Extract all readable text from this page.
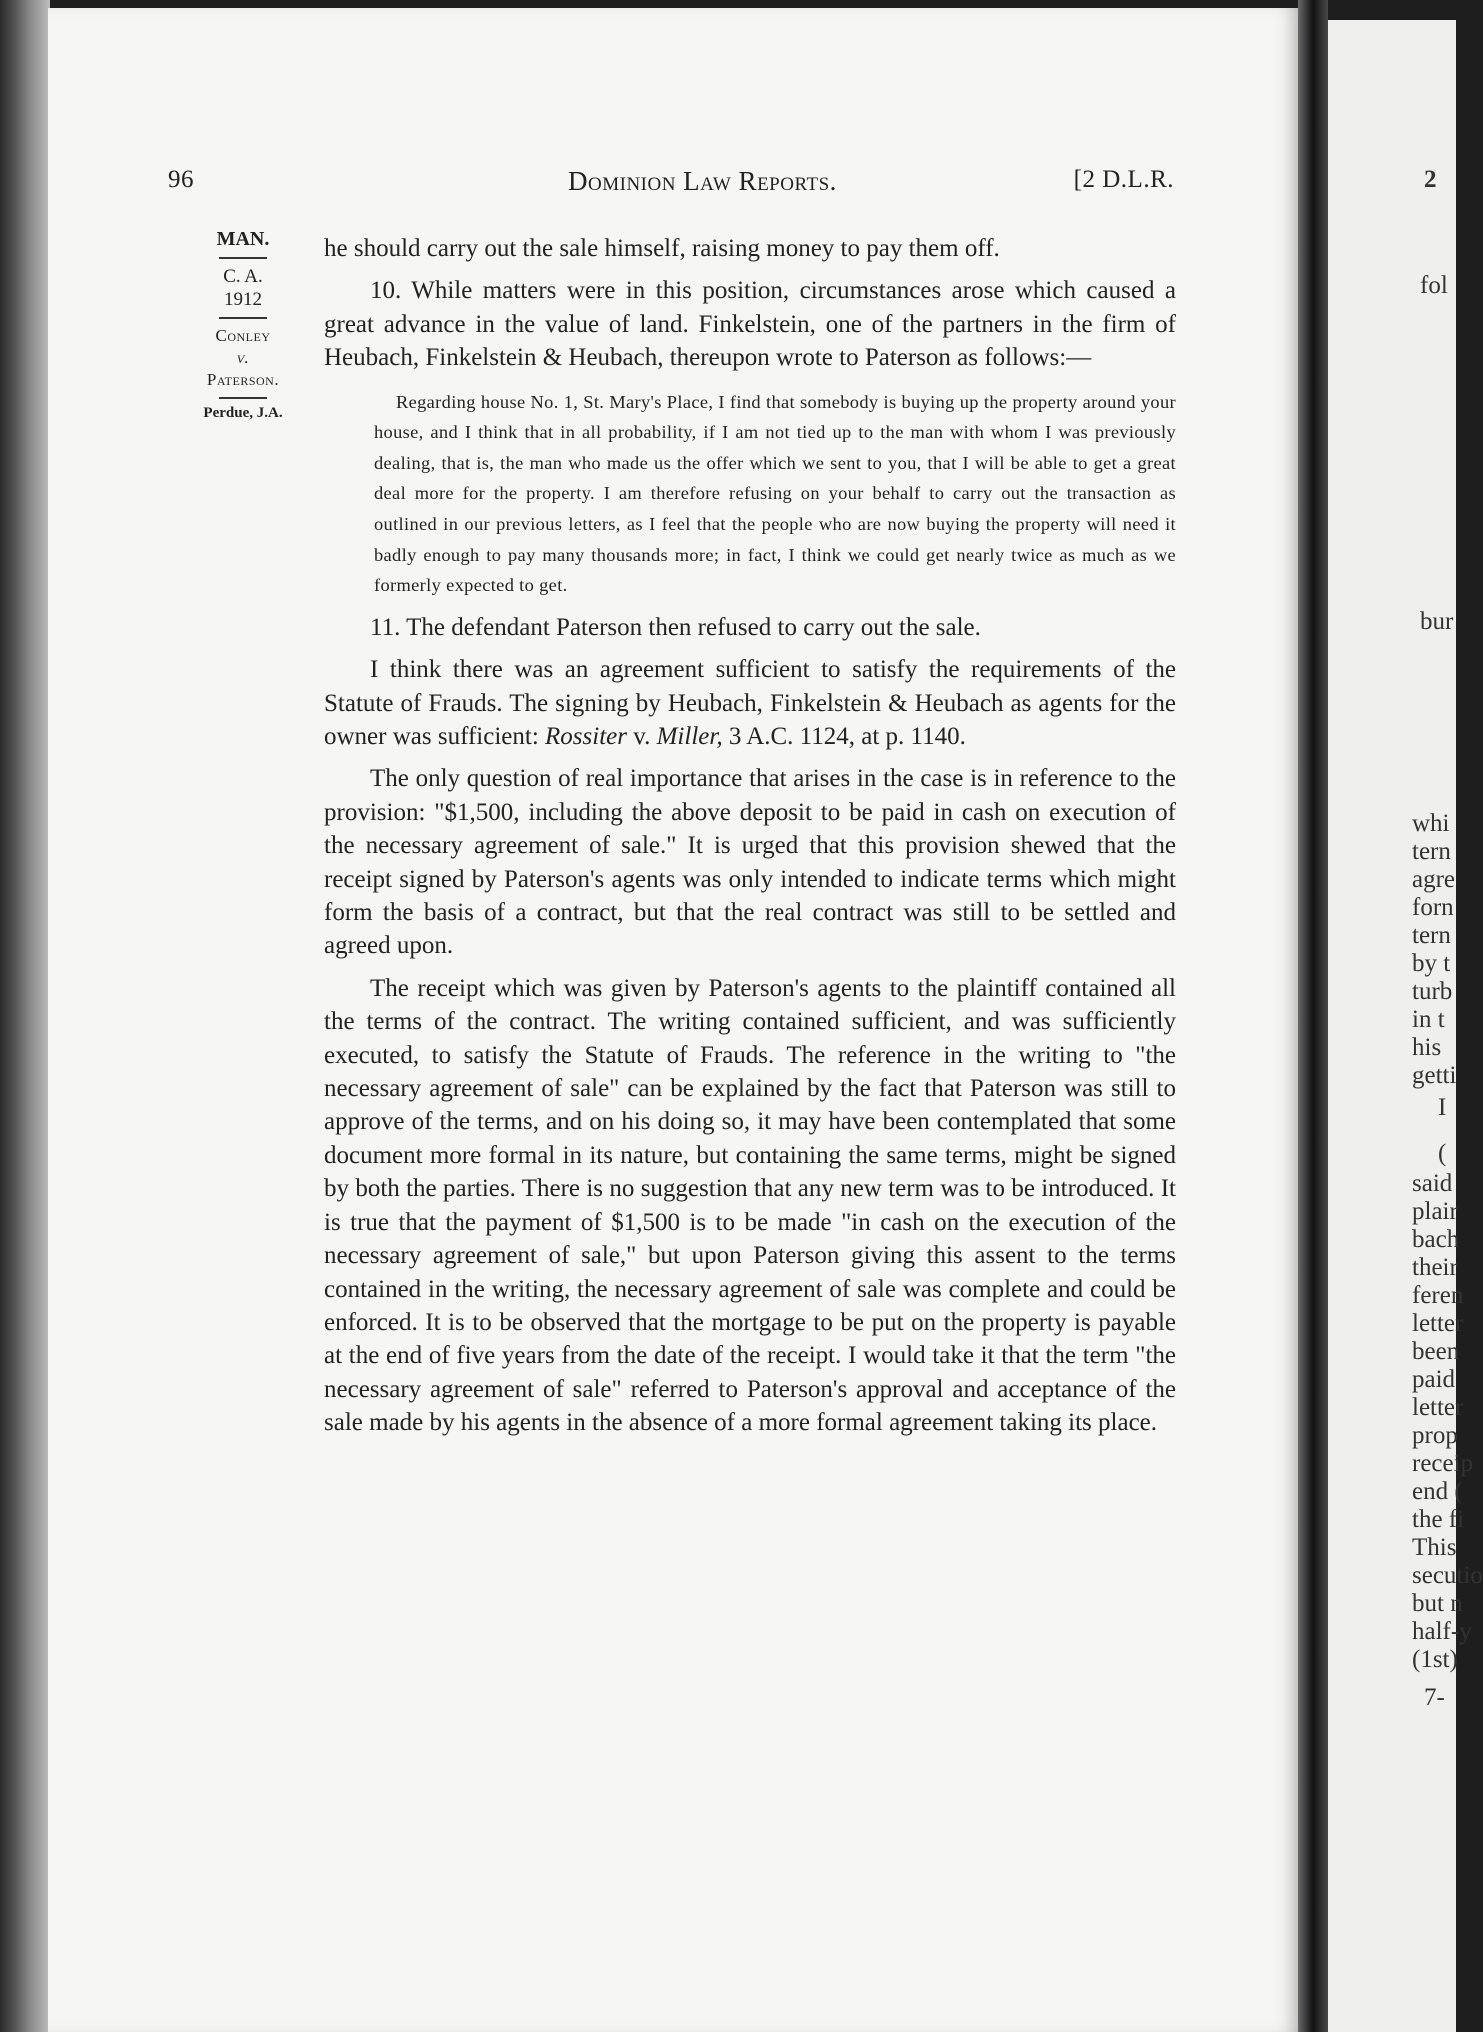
96	Dominion Law Reports.	[2 D.L.R.
MAN.
C. A.
1912
Conley
v.
Paterson.
Perdue, J.A.

he should carry out the sale himself, raising money to pay them off.

10. While matters were in this position, circumstances arose which caused a great advance in the value of land. Finkelstein, one of the partners in the firm of Heubach, Finkelstein & Heubach, thereupon wrote to Paterson as follows:—

Regarding house No. 1, St. Mary's Place, I find that somebody is buying up the property around your house, and I think that in all probability, if I am not tied up to the man with whom I was previously dealing, that is, the man who made us the offer which we sent to you, that I will be able to get a great deal more for the property. I am therefore refusing on your behalf to carry out the transaction as outlined in our previous letters, as I feel that the people who are now buying the property will need it badly enough to pay many thousands more; in fact, I think we could get nearly twice as much as we formerly expected to get.

11. The defendant Paterson then refused to carry out the sale.

I think there was an agreement sufficient to satisfy the requirements of the Statute of Frauds. The signing by Heubach, Finkelstein & Heubach as agents for the owner was sufficient: Rossiter v. Miller, 3 A.C. 1124, at p. 1140.

The only question of real importance that arises in the case is in reference to the provision: "$1,500, including the above deposit to be paid in cash on execution of the necessary agreement of sale." It is urged that this provision shewed that the receipt signed by Paterson's agents was only intended to indicate terms which might form the basis of a contract, but that the real contract was still to be settled and agreed upon.

The receipt which was given by Paterson's agents to the plaintiff contained all the terms of the contract. The writing contained sufficient, and was sufficiently executed, to satisfy the Statute of Frauds. The reference in the writing to "the necessary agreement of sale" can be explained by the fact that Paterson was still to approve of the terms, and on his doing so, it may have been contemplated that some document more formal in its nature, but containing the same terms, might be signed by both the parties. There is no suggestion that any new term was to be introduced. It is true that the payment of $1,500 is to be made "in cash on the execution of the necessary agreement of sale," but upon Paterson giving this assent to the terms contained in the writing, the necessary agreement of sale was complete and could be enforced. It is to be observed that the mortgage to be put on the property is payable at the end of five years from the date of the receipt. I would take it that the term "the necessary agreement of sale" referred to Paterson's approval and acceptance of the sale made by his agents in the absence of a more formal agreement taking its place.

2
fol
bur
whi
tern
agre
forn
tern
by t
turb
in t
his
getti
I
(
said
plair
bach
their
feren
letter
been
paid
letter
prop
receip
end (
the fi
This
secutio
but n
half-y
(1st)
7-
